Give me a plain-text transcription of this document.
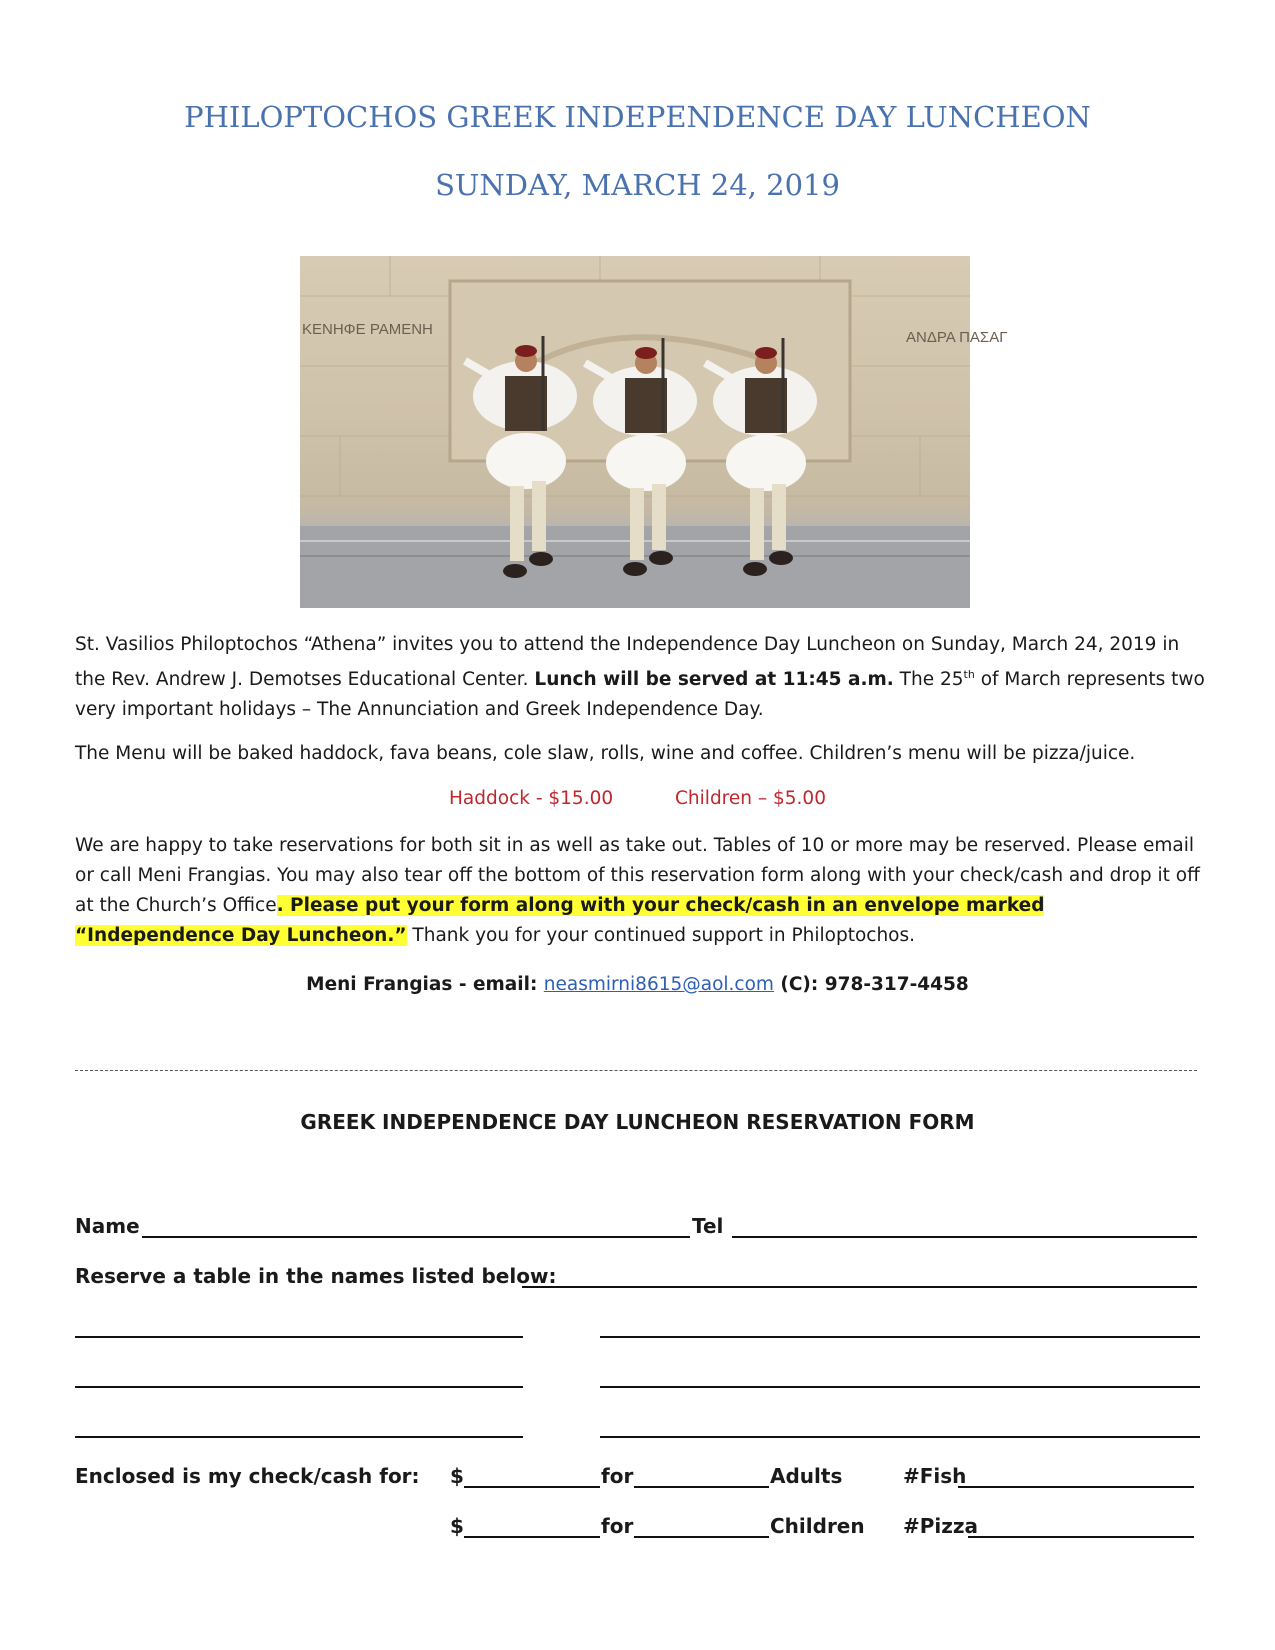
PHILOPTOCHOS GREEK INDEPENDENCE DAY LUNCHEON
SUNDAY, MARCH 24, 2019
ΚΕΝΗΦΕ ΡΑΜΕΝΗ	ΑΝΔΡΑ ΠΑΣΑΓ

St. Vasilios Philoptochos “Athena” invites you to attend the Independence Day Luncheon on Sunday, March 24, 2019 in the Rev. Andrew J. Demotses Educational Center. Lunch will be served at 11:45 a.m. The 25th of March represents two very important holidays – The Annunciation and Greek Independence Day.

The Menu will be baked haddock, fava beans, cole slaw, rolls, wine and coffee. Children’s menu will be pizza/juice.

Haddock - $15.00	Children – $5.00

We are happy to take reservations for both sit in as well as take out. Tables of 10 or more may be reserved. Please email or call Meni Frangias. You may also tear off the bottom of this reservation form along with your check/cash and drop it off at the Church’s Office. Please put your form along with your check/cash in an envelope marked “Independence Day Luncheon.” Thank you for your continued support in Philoptochos.

Meni Frangias - email: neasmirni8615@aol.com (C): 978-317-4458
GREEK INDEPENDENCE DAY LUNCHEON RESERVATION FORM
Name	Tel
Reserve a table in the names listed below:
Enclosed is my check/cash for: $	for	Adults	#Fish
$	for	Children #Pizza
